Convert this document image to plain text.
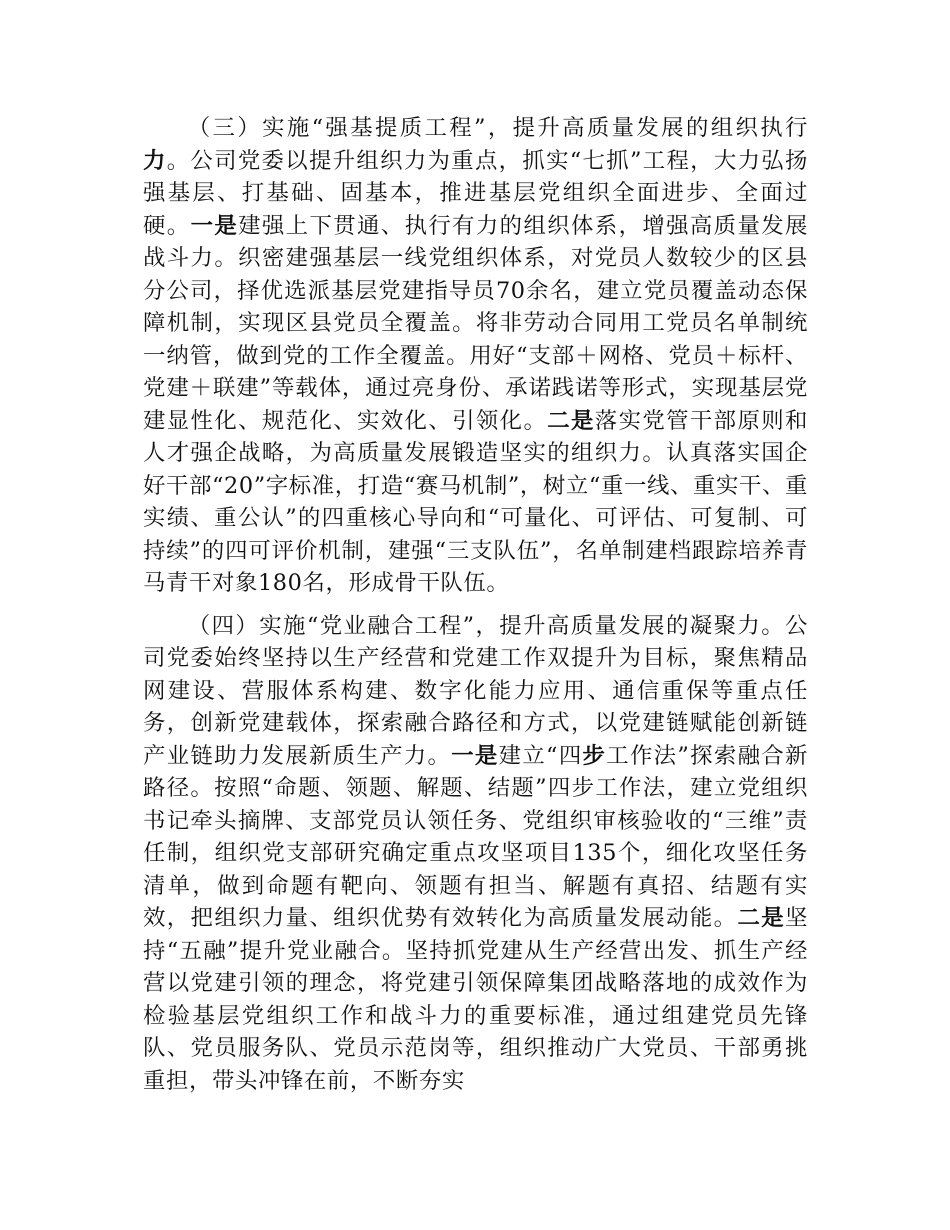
（三）实施“强基提质工程”，提升高质量发展的组织执行力。公司党委以提升组织力为重点，抓实“七抓”工程，大力弘扬强基层、打基础、固基本，推进基层党组织全面进步、全面过硬。一是建强上下贯通、执行有力的组织体系，增强高质量发展战斗力。织密建强基层一线党组织体系，对党员人数较少的区县分公司，择优选派基层党建指导员70余名，建立党员覆盖动态保障机制，实现区县党员全覆盖。将非劳动合同用工党员名单制统一纳管，做到党的工作全覆盖。用好“支部＋网格、党员＋标杆、党建＋联建”等载体，通过亮身份、承诺践诺等形式，实现基层党建显性化、规范化、实效化、引领化。二是落实党管干部原则和人才强企战略，为高质量发展锻造坚实的组织力。认真落实国企好干部“20”字标准，打造“赛马机制”，树立“重一线、重实干、重实绩、重公认”的四重核心导向和“可量化、可评估、可复制、可持续”的四可评价机制，建强“三支队伍”，名单制建档跟踪培养青马青干对象180名，形成骨干队伍。

（四）实施“党业融合工程”，提升高质量发展的凝聚力。公司党委始终坚持以生产经营和党建工作双提升为目标，聚焦精品网建设、营服体系构建、数字化能力应用、通信重保等重点任务，创新党建载体，探索融合路径和方式，以党建链赋能创新链产业链助力发展新质生产力。一是建立“四步工作法”探索融合新路径。按照“命题、领题、解题、结题”四步工作法，建立党组织书记牵头摘牌、支部党员认领任务、党组织审核验收的“三维”责任制，组织党支部研究确定重点攻坚项目135个，细化攻坚任务清单，做到命题有靶向、领题有担当、解题有真招、结题有实效，把组织力量、组织优势有效转化为高质量发展动能。二是坚持“五融”提升党业融合。坚持抓党建从生产经营出发、抓生产经营以党建引领的理念，将党建引领保障集团战略落地的成效作为检验基层党组织工作和战斗力的重要标准，通过组建党员先锋队、党员服务队、党员示范岗等，组织推动广大党员、干部勇挑重担，带头冲锋在前，不断夯实
